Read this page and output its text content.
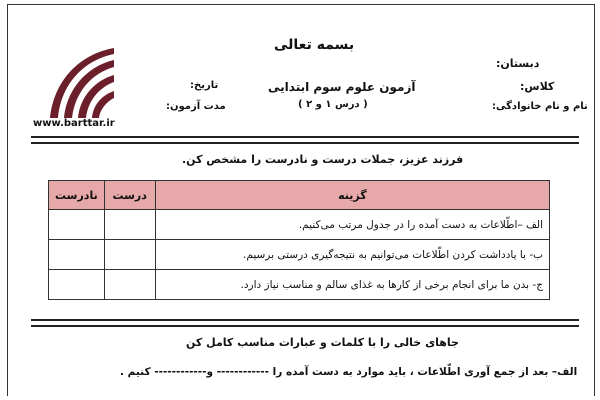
بسمه تعالی
دبستان:
آزمون علوم سوم ابتدایی	کلاس:
تاریخ:
( درس ۱ و ۲ )	نام و نام خانوادگی:
مدت آزمون:
www.barttar.ir
فرزند عزیز، جملات درست و نادرست را مشخص کن.
گزینه	درست	نادرست
الف –اطّلاعات به دست آمده را در جدول مرتب می‌کنیم.		
ب- با یادداشت کردن اطّلاعات می‌توانیم به نتیجه‌گیری درستی برسیم.		
ج- بدن ما برای انجام برخی از کارها به غذای سالم و مناسب نیاز دارد.		
جاهای خالی را با کلمات و عبارات مناسب کامل کن
الف– بعد از جمع آوری اطّلاعات ، باید موارد به دست آمده را ------------ و------------ کنیم .
